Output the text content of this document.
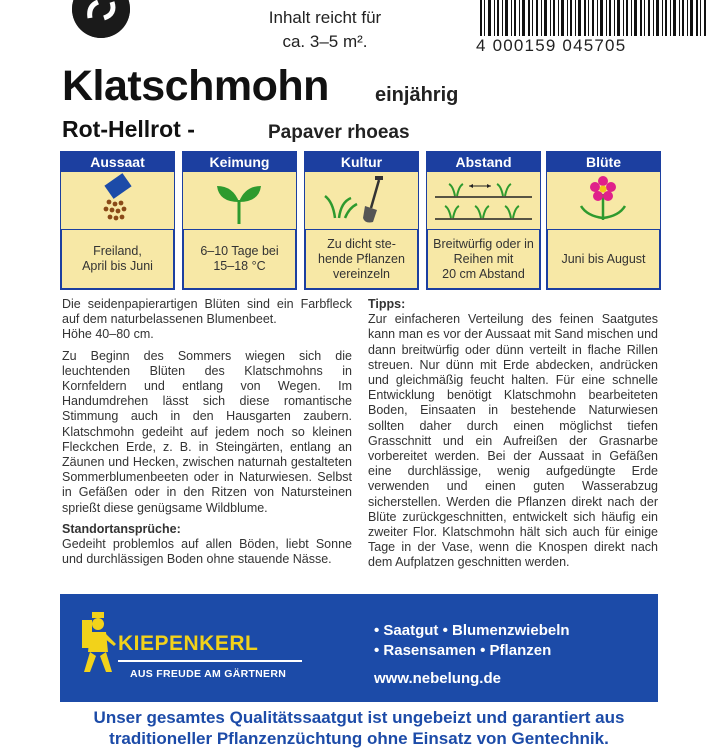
Inhalt reicht für
ca. 3–5 m².	4 000159 045705
Klatschmohn einjährig
Rot-Hellrot -	Papaver rhoeas
Aussaat
Freiland,
April bis Juni
Keimung
6–10 Tage bei
15–18 °C
Kultur
Zu dicht ste-
hende Pflanzen
vereinzeln
Abstand
Breitwürfig oder in
Reihen mit
20 cm Abstand
Blüte
Juni bis August

Die seidenpapierartigen Blüten sind ein Farbfleck auf dem naturbelassenen Blumenbeet.
Höhe 40–80 cm.

Zu Beginn des Sommers wiegen sich die leuchtenden Blüten des Klatschmohns in Kornfeldern und entlang von Wegen. Im Handumdrehen lässt sich diese romantische Stimmung auch in den Hausgarten zaubern. Klatschmohn gedeiht auf jedem noch so kleinen Fleckchen Erde, z. B. in Steingärten, entlang an Zäunen und Hecken, zwischen naturnah gestalteten Sommerblumenbeeten oder in Naturwiesen. Selbst in Gefäßen oder in den Ritzen von Natursteinen sprießt diese genügsame Wildblume.

Standortansprüche:

Gedeiht problemlos auf allen Böden, liebt Sonne und durchlässigen Boden ohne stauende Nässe.

Tipps:

Zur einfacheren Verteilung des feinen Saatgutes kann man es vor der Aussaat mit Sand mischen und dann breitwürfig oder dünn verteilt in flache Rillen streuen. Nur dünn mit Erde abdecken, andrücken und gleichmäßig feucht halten. Für eine schnelle Entwicklung benötigt Klatschmohn bearbeiteten Boden, Einsaaten in bestehende Naturwiesen sollten daher durch einen möglichst tiefen Grasschnitt und ein Aufreißen der Grasnarbe vorbereitet werden. Bei der Aussaat in Gefäßen eine durchlässige, wenig aufgedüngte Erde verwenden und einen guten Wasserabzug sicherstellen. Werden die Pflanzen direkt nach der Blüte zurückgeschnitten, entwickelt sich häufig ein zweiter Flor. Klatschmohn hält sich auch für einige Tage in der Vase, wenn die Knospen direkt nach dem Aufplatzen geschnitten werden.

KIEPENKERL
AUS FREUDE AM GÄRTNERN
• Saatgut • Blumenzwiebeln
• Rasensamen • Pflanzen
www.nebelung.de
Unser gesamtes Qualitätssaatgut ist ungebeizt und garantiert aus
traditioneller Pflanzenzüchtung ohne Einsatz von Gentechnik.
